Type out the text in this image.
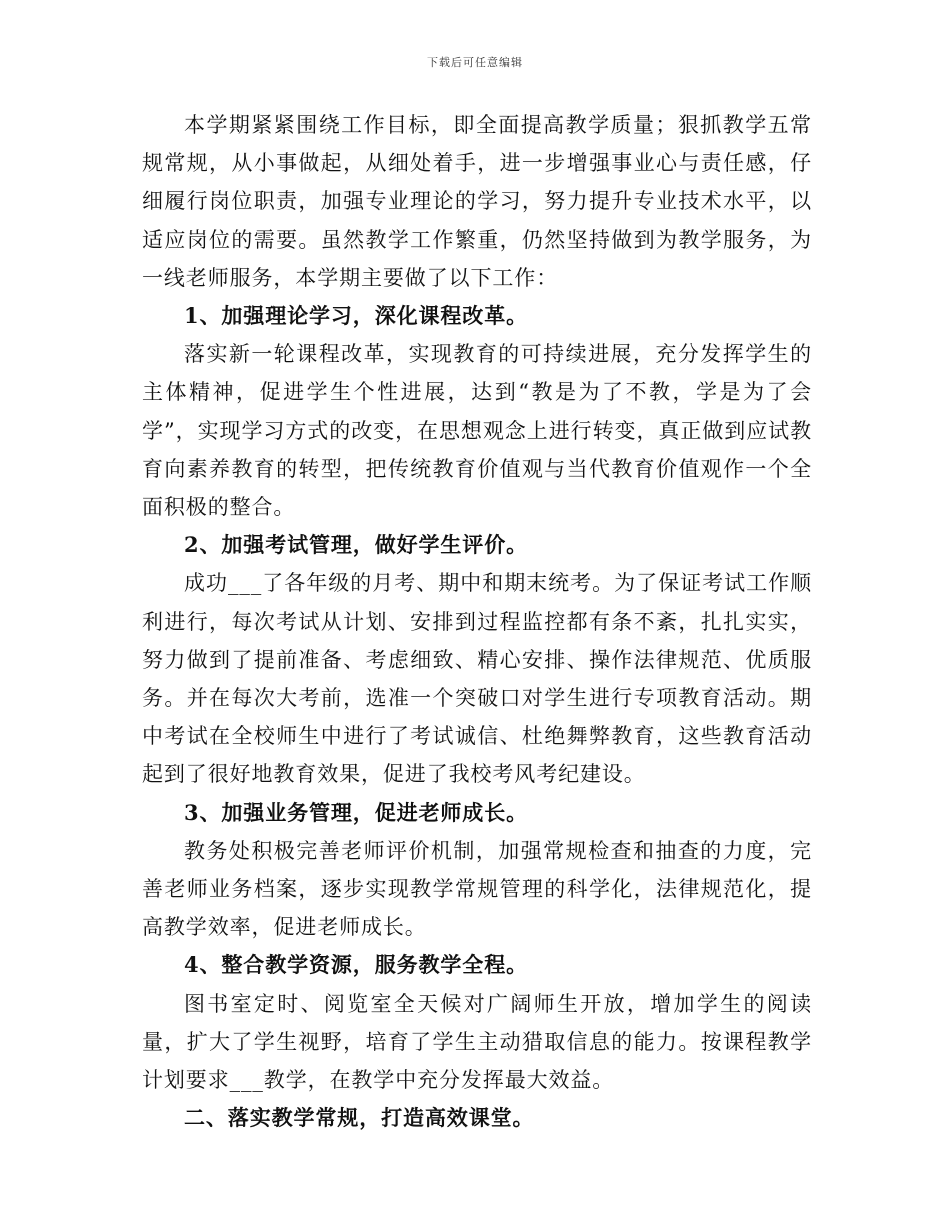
下载后可任意编辑

本学期紧紧围绕工作目标，即全面提高教学质量；狠抓教学五常规常规，从小事做起，从细处着手，进一步增强事业心与责任感，仔细履行岗位职责，加强专业理论的学习，努力提升专业技术水平，以适应岗位的需要。虽然教学工作繁重，仍然坚持做到为教学服务，为一线老师服务，本学期主要做了以下工作：

1、加强理论学习，深化课程改革。

落实新一轮课程改革，实现教育的可持续进展，充分发挥学生的主体精神，促进学生个性进展，达到“教是为了不教，学是为了会学”，实现学习方式的改变，在思想观念上进行转变，真正做到应试教育向素养教育的转型，把传统教育价值观与当代教育价值观作一个全面积极的整合。

2、加强考试管理，做好学生评价。

成功___了各年级的月考、期中和期末统考。为了保证考试工作顺利进行，每次考试从计划、安排到过程监控都有条不紊，扎扎实实，努力做到了提前准备、考虑细致、精心安排、操作法律规范、优质服务。并在每次大考前，选准一个突破口对学生进行专项教育活动。期中考试在全校师生中进行了考试诚信、杜绝舞弊教育，这些教育活动起到了很好地教育效果，促进了我校考风考纪建设。

3、加强业务管理，促进老师成长。

教务处积极完善老师评价机制，加强常规检查和抽查的力度，完善老师业务档案，逐步实现教学常规管理的科学化，法律规范化，提高教学效率，促进老师成长。

4、整合教学资源，服务教学全程。

图书室定时、阅览室全天候对广阔师生开放，增加学生的阅读量，扩大了学生视野，培育了学生主动猎取信息的能力。按课程教学计划要求___教学，在教学中充分发挥最大效益。

二、落实教学常规，打造高效课堂。
